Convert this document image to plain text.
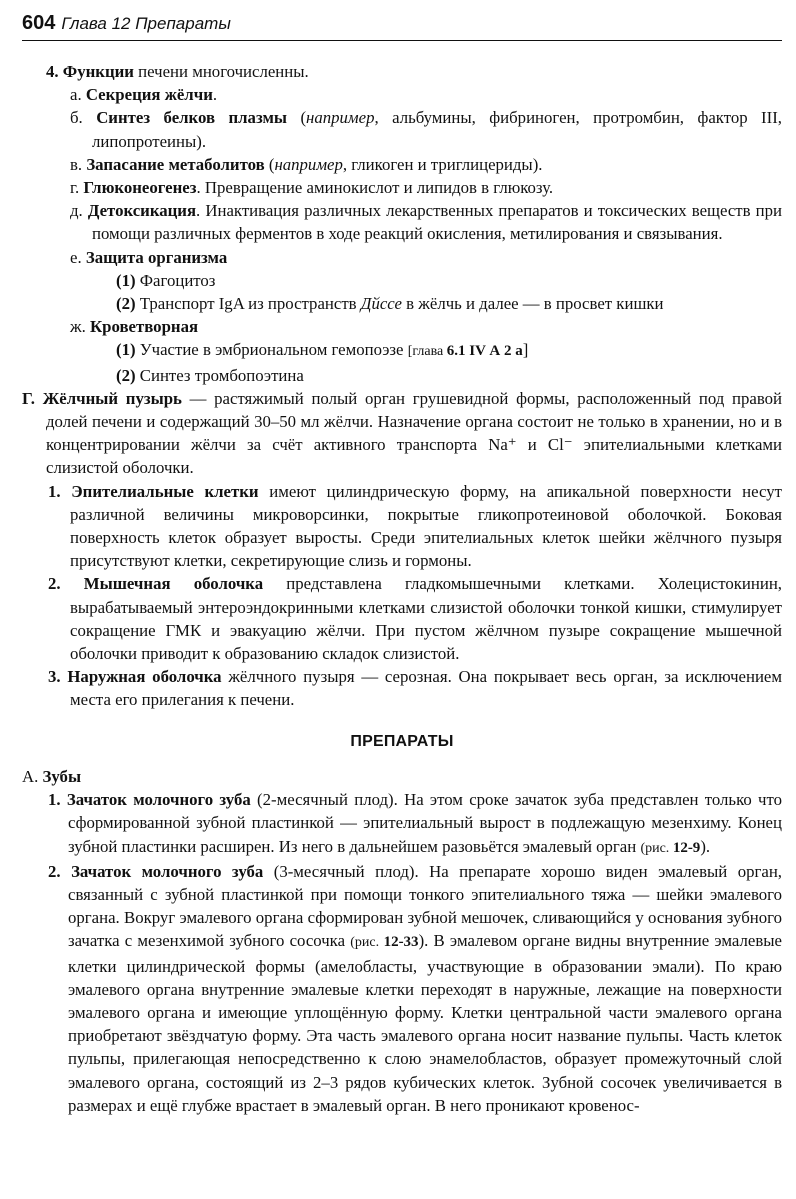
604 Глава 12 Препараты

4. Функции печени многочисленны.

а. Секреция жёлчи.

б. Синтез белков плазмы (например, альбумины, фибриноген, протромбин, фактор III, липопротеины).

в. Запасание метаболитов (например, гликоген и триглицериды).

г. Глюконеогенез. Превращение аминокислот и липидов в глюкозу.

д. Детоксикация. Инактивация различных лекарственных препаратов и токсических веществ при помощи различных ферментов в ходе реакций окисления, метилирования и связывания.

е. Защита организма

(1) Фагоцитоз

(2) Транспорт IgA из пространств Дйссе в жёлчь и далее — в просвет кишки

ж. Кроветворная

(1) Участие в эмбриональном гемопоэзе [глава 6.1 IV А 2 а]

(2) Синтез тромбопоэтина

Г. Жёлчный пузырь — растяжимый полый орган грушевидной формы, расположенный под правой долей печени и содержащий 30–50 мл жёлчи. Назначение органа состоит не только в хранении, но и в концентрировании жёлчи за счёт активного транспорта Na⁺ и Cl⁻ эпителиальными клетками слизистой оболочки.

1. Эпителиальные клетки имеют цилиндрическую форму, на апикальной поверхности несут различной величины микроворсинки, покрытые гликопротеиновой оболочкой. Боковая поверхность клеток образует выросты. Среди эпителиальных клеток шейки жёлчного пузыря присутствуют клетки, секретирующие слизь и гормоны.

2. Мышечная оболочка представлена гладкомышечными клетками. Холецистокинин, вырабатываемый энтероэндокринными клетками слизистой оболочки тонкой кишки, стимулирует сокращение ГМК и эвакуацию жёлчи. При пустом жёлчном пузыре сокращение мышечной оболочки приводит к образованию складок слизистой.

3. Наружная оболочка жёлчного пузыря — серозная. Она покрывает весь орган, за исключением места его прилегания к печени.

ПРЕПАРАТЫ

А. Зубы

1. Зачаток молочного зуба (2-месячный плод). На этом сроке зачаток зуба представлен только что сформированной зубной пластинкой — эпителиальный вырост в подлежащую мезенхиму. Конец зубной пластинки расширен. Из него в дальнейшем разовьётся эмалевый орган (рис. 12-9).

2. Зачаток молочного зуба (3-месячный плод). На препарате хорошо виден эмалевый орган, связанный с зубной пластинкой при помощи тонкого эпителиального тяжа — шейки эмалевого органа. Вокруг эмалевого органа сформирован зубной мешочек, сливающийся у основания зубного зачатка с мезенхимой зубного сосочка (рис. 12-33). В эмалевом органе видны внутренние эмалевые клетки цилиндрической формы (амелобласты, участвующие в образовании эмали). По краю эмалевого органа внутренние эмалевые клетки переходят в наружные, лежащие на поверхности эмалевого органа и имеющие уплощённую форму. Клетки центральной части эмалевого органа приобретают звёздчатую форму. Эта часть эмалевого органа носит название пульпы. Часть клеток пульпы, прилегающая непосредственно к слою энамелобластов, образует промежуточный слой эмалевого органа, состоящий из 2–3 рядов кубических клеток. Зубной сосочек увеличивается в размерах и ещё глубже врастает в эмалевый орган. В него проникают кровенос-
